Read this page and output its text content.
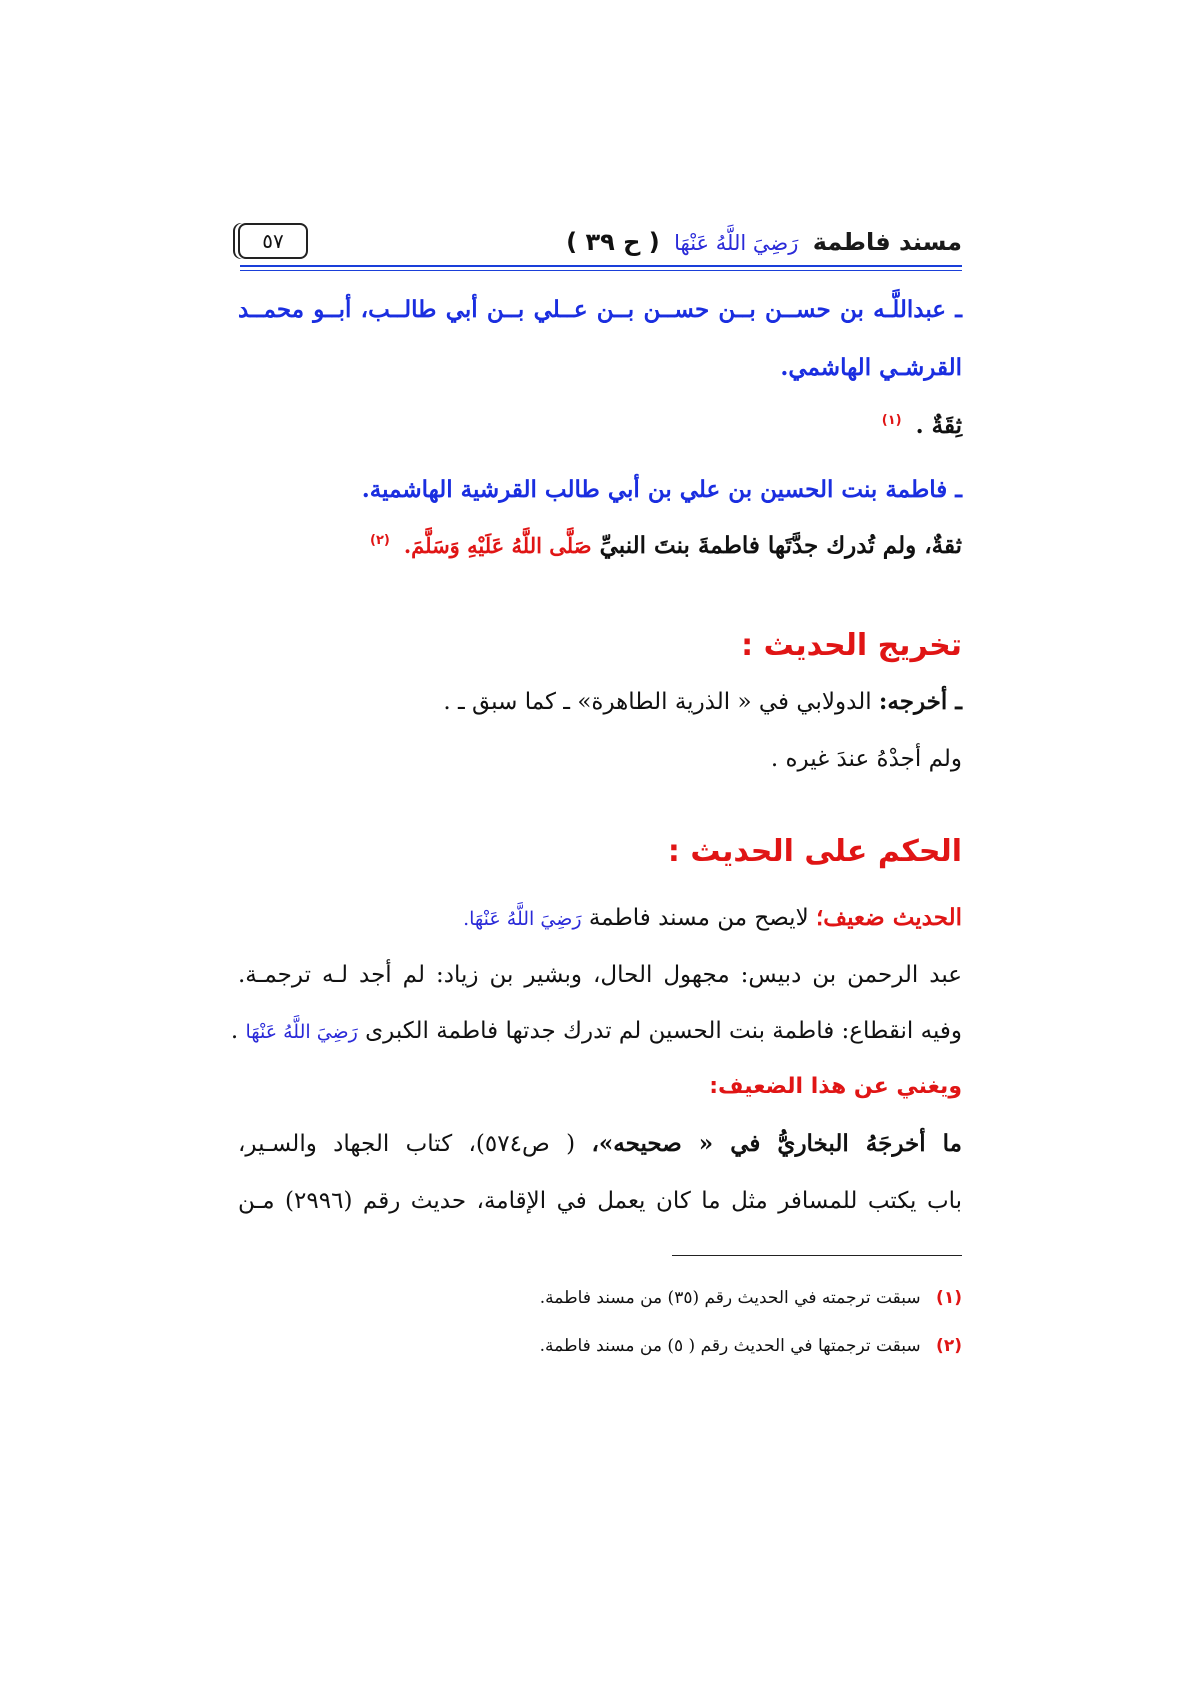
مسند فاطمة رَضِيَ اللَّهُ عَنْهَا ( ح ٣٩ )
٥٧
ـ عبداللَّـه بن حســن بــن حســن بــن عــلي بــن أبي طالــب، أبــو محمــد
القرشـي الهاشمي.
ثِقَةٌ . $^{(١)}$
ـ فاطمة بنت الحسين بن علي بن أبي طالب القرشية الهاشمية.
ثقةٌ، ولم تُدرك جدَّتَها فاطمةَ بنتَ النبيِّ صَلَّى اللَّهُ عَلَيْهِ وَسَلَّمَ. $^{(٢)}$
تخريج الحديث :
ـ أخرجه: الدولابي في « الذرية الطاهرة» ـ كما سبق ـ .
ولم أجدْهُ عندَ غيره .
الحكم على الحديث :
الحديث ضعيف؛ لايصح من مسند فاطمة رَضِيَ اللَّهُ عَنْهَا.
عبد الرحمن بن دبيس: مجهول الحال، وبشير بن زياد: لم أجد لـه ترجمـة.
وفيه انقطاع: فاطمة بنت الحسين لم تدرك جدتها فاطمة الكبرى رَضِيَ اللَّهُ عَنْهَا .
ويغني عن هذا الضعيف:
ما أخرجَهُ البخاريُّ في « صحيحه»، ( ص٥٧٤)، كتاب الجهاد والسـير،
باب يكتب للمسافر مثل ما كان يعمل في الإقامة، حديث رقم (٢٩٩٦) مـن
(١) سبقت ترجمته في الحديث رقم (٣٥) من مسند فاطمة.
(٢) سبقت ترجمتها في الحديث رقم ( ٥) من مسند فاطمة.
